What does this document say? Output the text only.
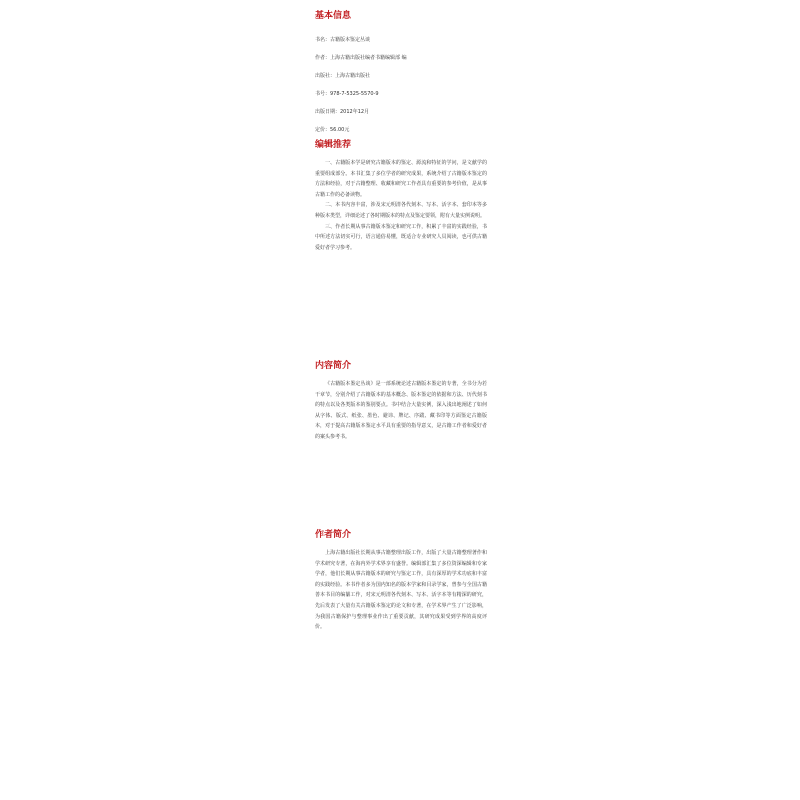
基本信息
书名：古籍版本鉴定丛谈
作者：上海古籍出版社编者书籍编辑部 编
出版社：上海古籍出版社
书号：978-7-5325-5570-9
出版日期：2012年12月
定价：56.00元
编辑推荐

一、古籍版本学是研究古籍版本的鉴定、源流和特征的学问，是文献学的重要组成部分。本书汇集了多位学者的研究成果，系统介绍了古籍版本鉴定的方法和经验，对于古籍整理、收藏和研究工作者具有重要的参考价值，是从事古籍工作的必备读物。

二、本书内容丰富，涉及宋元明清各代刻本、写本、活字本、套印本等多种版本类型，详细论述了各时期版本的特点及鉴定要领，附有大量实例说明。

三、作者长期从事古籍版本鉴定和研究工作，积累了丰富的实践经验，书中所述方法切实可行，语言通俗易懂，既适合专业研究人员阅读，也可供古籍爱好者学习参考。

内容简介

《古籍版本鉴定丛谈》是一部系统论述古籍版本鉴定的专著，全书分为若干章节，分别介绍了古籍版本的基本概念、版本鉴定的依据和方法、历代刻书的特点以及各类版本的鉴别要点。书中结合大量实例，深入浅出地阐述了如何从字体、版式、纸张、墨色、避讳、牌记、序跋、藏书印等方面鉴定古籍版本，对于提高古籍版本鉴定水平具有重要的指导意义，是古籍工作者和爱好者的案头参考书。

作者简介

上海古籍出版社长期从事古籍整理出版工作，出版了大量古籍整理著作和学术研究专著，在海内外学术界享有盛誉。编辑部汇集了多位资深编辑和专家学者，他们长期从事古籍版本的研究与鉴定工作，具有深厚的学术功底和丰富的实践经验。本书作者多为国内知名的版本学家和目录学家，曾参与全国古籍善本书目的编纂工作，对宋元明清各代刻本、写本、活字本等有精深的研究，先后发表了大量有关古籍版本鉴定的论文和专著，在学术界产生了广泛影响，为我国古籍保护与整理事业作出了重要贡献，其研究成果受到学界的高度评价。
